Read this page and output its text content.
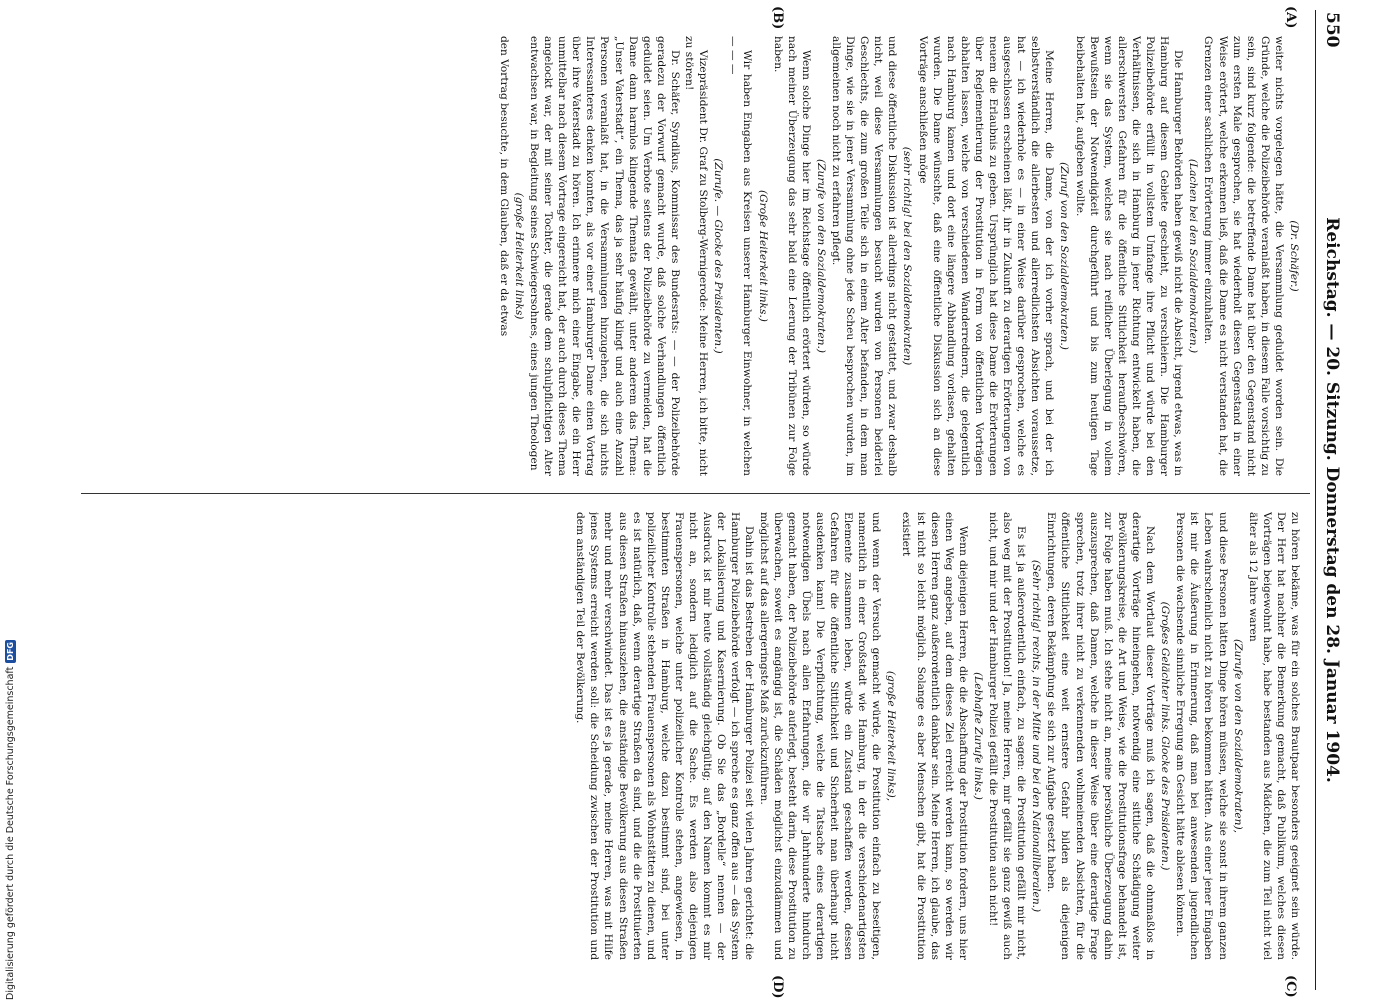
550
Reichstag. — 20. Sitzung. Donnerstag den 28. Januar 1904.
(A)
(B)
(C)
(D)
(Dr. Schäfer.)
weiter nichts vorgelegen hätte, die Versammlung geduldet worden sein. Die Gründe, welche die Polizeibehörde veranlaßt haben, in diesem Falle vorsichtig zu sein, sind kurz folgende: die betreffende Dame hat über den Gegenstand nicht zum ersten Male gesprochen, sie hat wiederholt diesen Gegenstand in einer Weise erörtert, welche erkennen ließ, daß die Dame es nicht verstanden hat, die Grenzen einer sachlichen Erörterung immer einzuhalten.
(Lachen bei den Sozialdemokraten.)
Die Hamburger Behörden haben gewiß nicht die Absicht, irgend etwas, was in Hamburg auf diesem Gebiete geschieht, zu verschleiern. Die Hamburger Polizeibehörde erfüllt in vollstem Umfange ihre Pflicht und würde bei den Verhältnissen, die sich in Hamburg in jener Richtung entwickelt haben, die allerschwersten Gefahren für die öffentliche Sittlichkeit heraufbeschwören, wenn sie das System, welches sie nach reiflicher Überlegung in vollem Bewußtsein der Notwendigkeit durchgeführt und bis zum heutigen Tage beibehalten hat, aufgeben wollte.
(Zuruf von den Sozialdemokraten.)
Meine Herren, die Dame, von der ich vorher sprach, und bei der ich selbstverständlich die allerbesten und allerredlichsten Absichten voraussetze, hat — ich wiederhole es — in einer Weise darüber gesprochen, welche es ausgeschlossen erscheinen läßt, ihr in Zukunft zu derartigen Erörterungen von neuem die Erlaubnis zu geben. Ursprünglich hat diese Dame die Erörterungen über Reglementierung der Prostitution in Form von öffentlichen Vorträgen abhalten lassen, welche von verschiedenen Wanderrednern, die gelegentlich nach Hamburg kamen und dort eine längere Abhandlung vorlasen, gehalten wurden. Die Dame wünschte, daß eine öffentliche Diskussion sich an diese Vorträge anschließen möge
(sehr richtig! bei den Sozialdemokraten)
und diese öffentliche Diskussion ist allerdings nicht gestattet, und zwar deshalb nicht, weil diese Versammlungen besucht wurden von Personen beiderlei Geschlechts, die zum großen Teile sich in einem Alter befanden, in dem man Dinge, wie sie in jener Versammlung ohne jede Scheu besprochen wurden, im allgemeinen noch nicht zu erfahren pflegt.
(Zurufe von den Sozialdemokraten.)
Wenn solche Dinge hier im Reichstage öffentlich erörtert würden, so würde nach meiner Überzeugung das sehr bald eine Leerung der Tribünen zur Folge haben.
(Große Heiterkeit links.)
Wir haben Eingaben aus Kreisen unserer Hamburger Einwohner, in welchen — — —
(Zurufe. — Glocke des Präsidenten.)
Vizepräsident Dr. Graf zu Stolberg-Wernigerode: Meine Herren, ich bitte, nicht zu stören!
Dr. Schäfer, Syndikus, Kommissar des Bundesrats: — — der Polizeibehörde geradezu der Vorwurf gemacht wurde, daß solche Verhandlungen öffentlich geduldet seien. Um Verbote seitens der Polizeibehörde zu vermeiden, hat die Dame dann harmlos klingende Themata gewählt, unter anderem das Thema: „Unser Vaterstadt“, ein Thema, das ja sehr häufig klingt und auch eine Anzahl Personen veranlaßt hat, in die Versammlungen hinzugehen, die sich nichts Interessanteres denken konnten, als vor einer Hamburger Dame einen Vortrag über ihre Vaterstadt zu hören. Ich erinnere mich einer Eingabe, die ein Herr unmittelbar nach diesem Vortrage eingereicht hat, der auch durch dieses Thema angelockt war, der mit seiner Tochter, die gerade dem schulpflichtigen Alter entwachsen war, in Begleitung seines Schwiegersohnes, eines jungen Theologen
(große Heiterkeit links)
den Vortrag besuchte, in dem Glauben, daß er da etwas
zu hören bekäme, was für ein solches Brautpaar besonders geeignet sein würde. Der Herr hat nachher die Bemerkung gemacht, daß Publikum, welches diesen Vorträgen beigewohnt habe, habe bestanden aus Mädchen, die zum Teil nicht viel älter als 12 Jahre waren
(Zurufe von den Sozialdemokraten),
und diese Personen hätten Dinge hören müssen, welche sie sonst in ihrem ganzen Leben wahrscheinlich nicht zu hören bekommen hätten. Aus einer jener Eingaben ist mir die Äußerung in Erinnerung, daß man bei anwesenden jugendlichen Personen die wachsende sinnliche Erregung am Gesicht hätte ablesen können.
(Großes Gelächter links. Glocke des Präsidenten.)
Nach dem Wortlaut dieser Vorträge muß ich sagen, daß die ohnmaßlos in derartige Vorträge hineingehen, notwendig eine sittliche Schädigung weiter Bevölkerungskreise, die Art und Weise, wie die Prostitutionsfrage behandelt ist, zur Folge haben muß. Ich stehe nicht an, meine persönliche Überzeugung dahin auszusprechen, daß Damen, welche in dieser Weise über eine derartige Frage sprechen, trotz ihrer nicht zu verkennenden wohlmeinenden Absichten, für die öffentliche Sittlichkeit eine weit ernstere Gefahr bilden als diejenigen Einrichtungen, deren Bekämpfung sie sich zur Aufgabe gesetzt haben.
(Sehr richtig! rechts, in der Mitte und bei den Nationalliberalen.)
Es ist ja außerordentlich einfach, zu sagen: die Prostitution gefällt mir nicht, also weg mit der Prostitution! Ja, meine Herren, mir gefällt sie ganz gewiß auch nicht, und mir und der Hamburger Polizei gefällt die Prostitution auch nicht!
(Lebhafte Zurufe links.)
Wenn diejenigen Herren, die die Abschaffung der Prostitution fordern, uns hier einen Weg angeben, auf dem dieses Ziel erreicht werden kann, so werden wir diesen Herren ganz außerordentlich dankbar sein. Meine Herren, ich glaube, das ist nicht so leicht möglich. Solange es aber Menschen gibt, hat die Prostitution existiert
(große Heiterkeit links),
und wenn der Versuch gemacht würde, die Prostitution einfach zu beseitigen, namentlich in einer Großstadt wie Hamburg, in der die verschiedenartigsten Elemente zusammen leben, würde ein Zustand geschaffen werden, dessen Gefahren für die öffentliche Sittlichkeit und Sicherheit man überhaupt nicht ausdenken kann! Die Verpflichtung, welche die Tatsache eines derartigen notwendigen Übels nach allen Erfahrungen, die wir Jahrhunderte hindurch gemacht haben, der Polizeibehörde auferlegt, besteht darin, diese Prostitution zu überwachen, soweit es angängig ist, die Schäden möglichst einzudämmen und möglichst auf das allergeringste Maß zurückzuführen.
Dahin ist das Bestreben der Hamburger Polizei seit vielen Jahren gerichtet: die Hamburger Polizeibehörde verfolgt — ich spreche es ganz offen aus — das System der Lokalisierung und Kasernierung. Ob Sie das „Bordelle“ nennen — der Ausdruck ist mir heute vollständig gleichgültig; auf den Namen kommt es mir nicht an, sondern lediglich auf die Sache. Es werden also diejenigen Frauenspersonen, welche unter polizeilicher Kontrolle stehen, angewiesen, in bestimmten Straßen in Hamburg, welche dazu bestimmt sind, bei unter polizeilicher Kontrolle stehenden Frauenspersonen als Wohnstätten zu dienen, und es ist natürlich, daß, wenn derartige Straßen da sind, und die die Prostituierten aus diesen Straßen hinausziehen, die anständige Bevölkerung aus diesen Straßen mehr und mehr verschwindet. Das ist es ja gerade, meine Herren, was mit Hilfe jenes Systems erreicht werden soll: die Scheidung zwischen der Prostitution und dem anständigen Teil der Bevölkerung.
Digitalisierung gefördert durch die Deutsche Forschungsgemeinschaft
DFG
